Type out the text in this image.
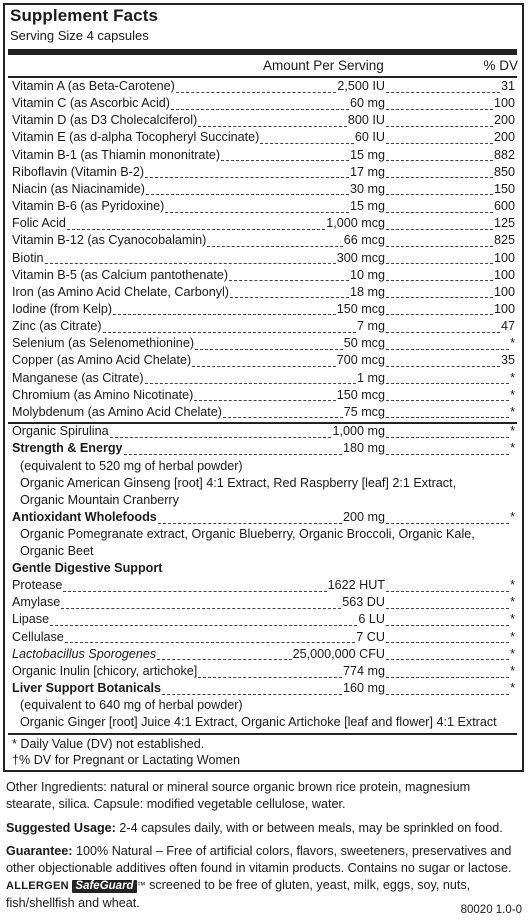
Supplement Facts
Serving Size 4 capsules
Amount Per Serving	% DV
Vitamin A (as Beta-Carotene)	2,500 IU	31
Vitamin C (as Ascorbic Acid)	60 mg	100
Vitamin D (as D3 Cholecalciferol)	800 IU	200
Vitamin E (as d-alpha Tocopheryl Succinate)	60 IU	200
Vitamin B-1 (as Thiamin mononitrate)	15 mg	882
Riboflavin (Vitamin B-2)	17 mg	850
Niacin (as Niacinamide)	30 mg	150
Vitamin B-6 (as Pyridoxine)	15 mg	600
Folic Acid	1,000 mcg	125
Vitamin B-12 (as Cyanocobalamin)	66 mcg	825
Biotin	300 mcg	100
Vitamin B-5 (as Calcium pantothenate)	10 mg	100
Iron (as Amino Acid Chelate, Carbonyl)	18 mg	100
Iodine (from Kelp)	150 mcg	100
Zinc (as Citrate)	7 mg	47
Selenium (as Selenomethionine)	50 mcg	*
Copper (as Amino Acid Chelate)	700 mcg	35
Manganese (as Citrate)	1 mg	*
Chromium (as Amino Nicotinate)	150 mcg	*
Molybdenum (as Amino Acid Chelate)	75 mcg	*
Organic Spirulina	1,000 mg	*
Strength & Energy	180 mg	*
(equivalent to 520 mg of herbal powder)
Organic American Ginseng [root] 4:1 Extract, Red Raspberry [leaf] 2:1 Extract,
Organic Mountain Cranberry
Antioxidant Wholefoods	200 mg	*
Organic Pomegranate extract, Organic Blueberry, Organic Broccoli, Organic Kale,
Organic Beet
Gentle Digestive Support
Protease	1622 HUT	*
Amylase	563 DU	*
Lipase	6 LU	*
Cellulase	7 CU	*
Lactobacillus Sporogenes	25,000,000 CFU	*
Organic Inulin [chicory, artichoke]	774 mg	*
Liver Support Botanicals	160 mg	*
(equivalent to 640 mg of herbal powder)
Organic Ginger [root] Juice 4:1 Extract, Organic Artichoke [leaf and flower] 4:1 Extract
* Daily Value (DV) not established.
†% DV for Pregnant or Lactating Women
Other Ingredients: natural or mineral source organic brown rice protein, magnesium stearate, silica. Capsule: modified vegetable cellulose, water.
Suggested Usage: 2-4 capsules daily, with or between meals, may be sprinkled on food.
Guarantee: 100% Natural – Free of artificial colors, flavors, sweeteners, preservatives and other objectionable additives often found in vitamin products. Contains no sugar or lactose. ALLERGEN SafeGuard ™ screened to be free of gluten, yeast, milk, eggs, soy, nuts, fish/shellfish and wheat.	80020 1.0-0
